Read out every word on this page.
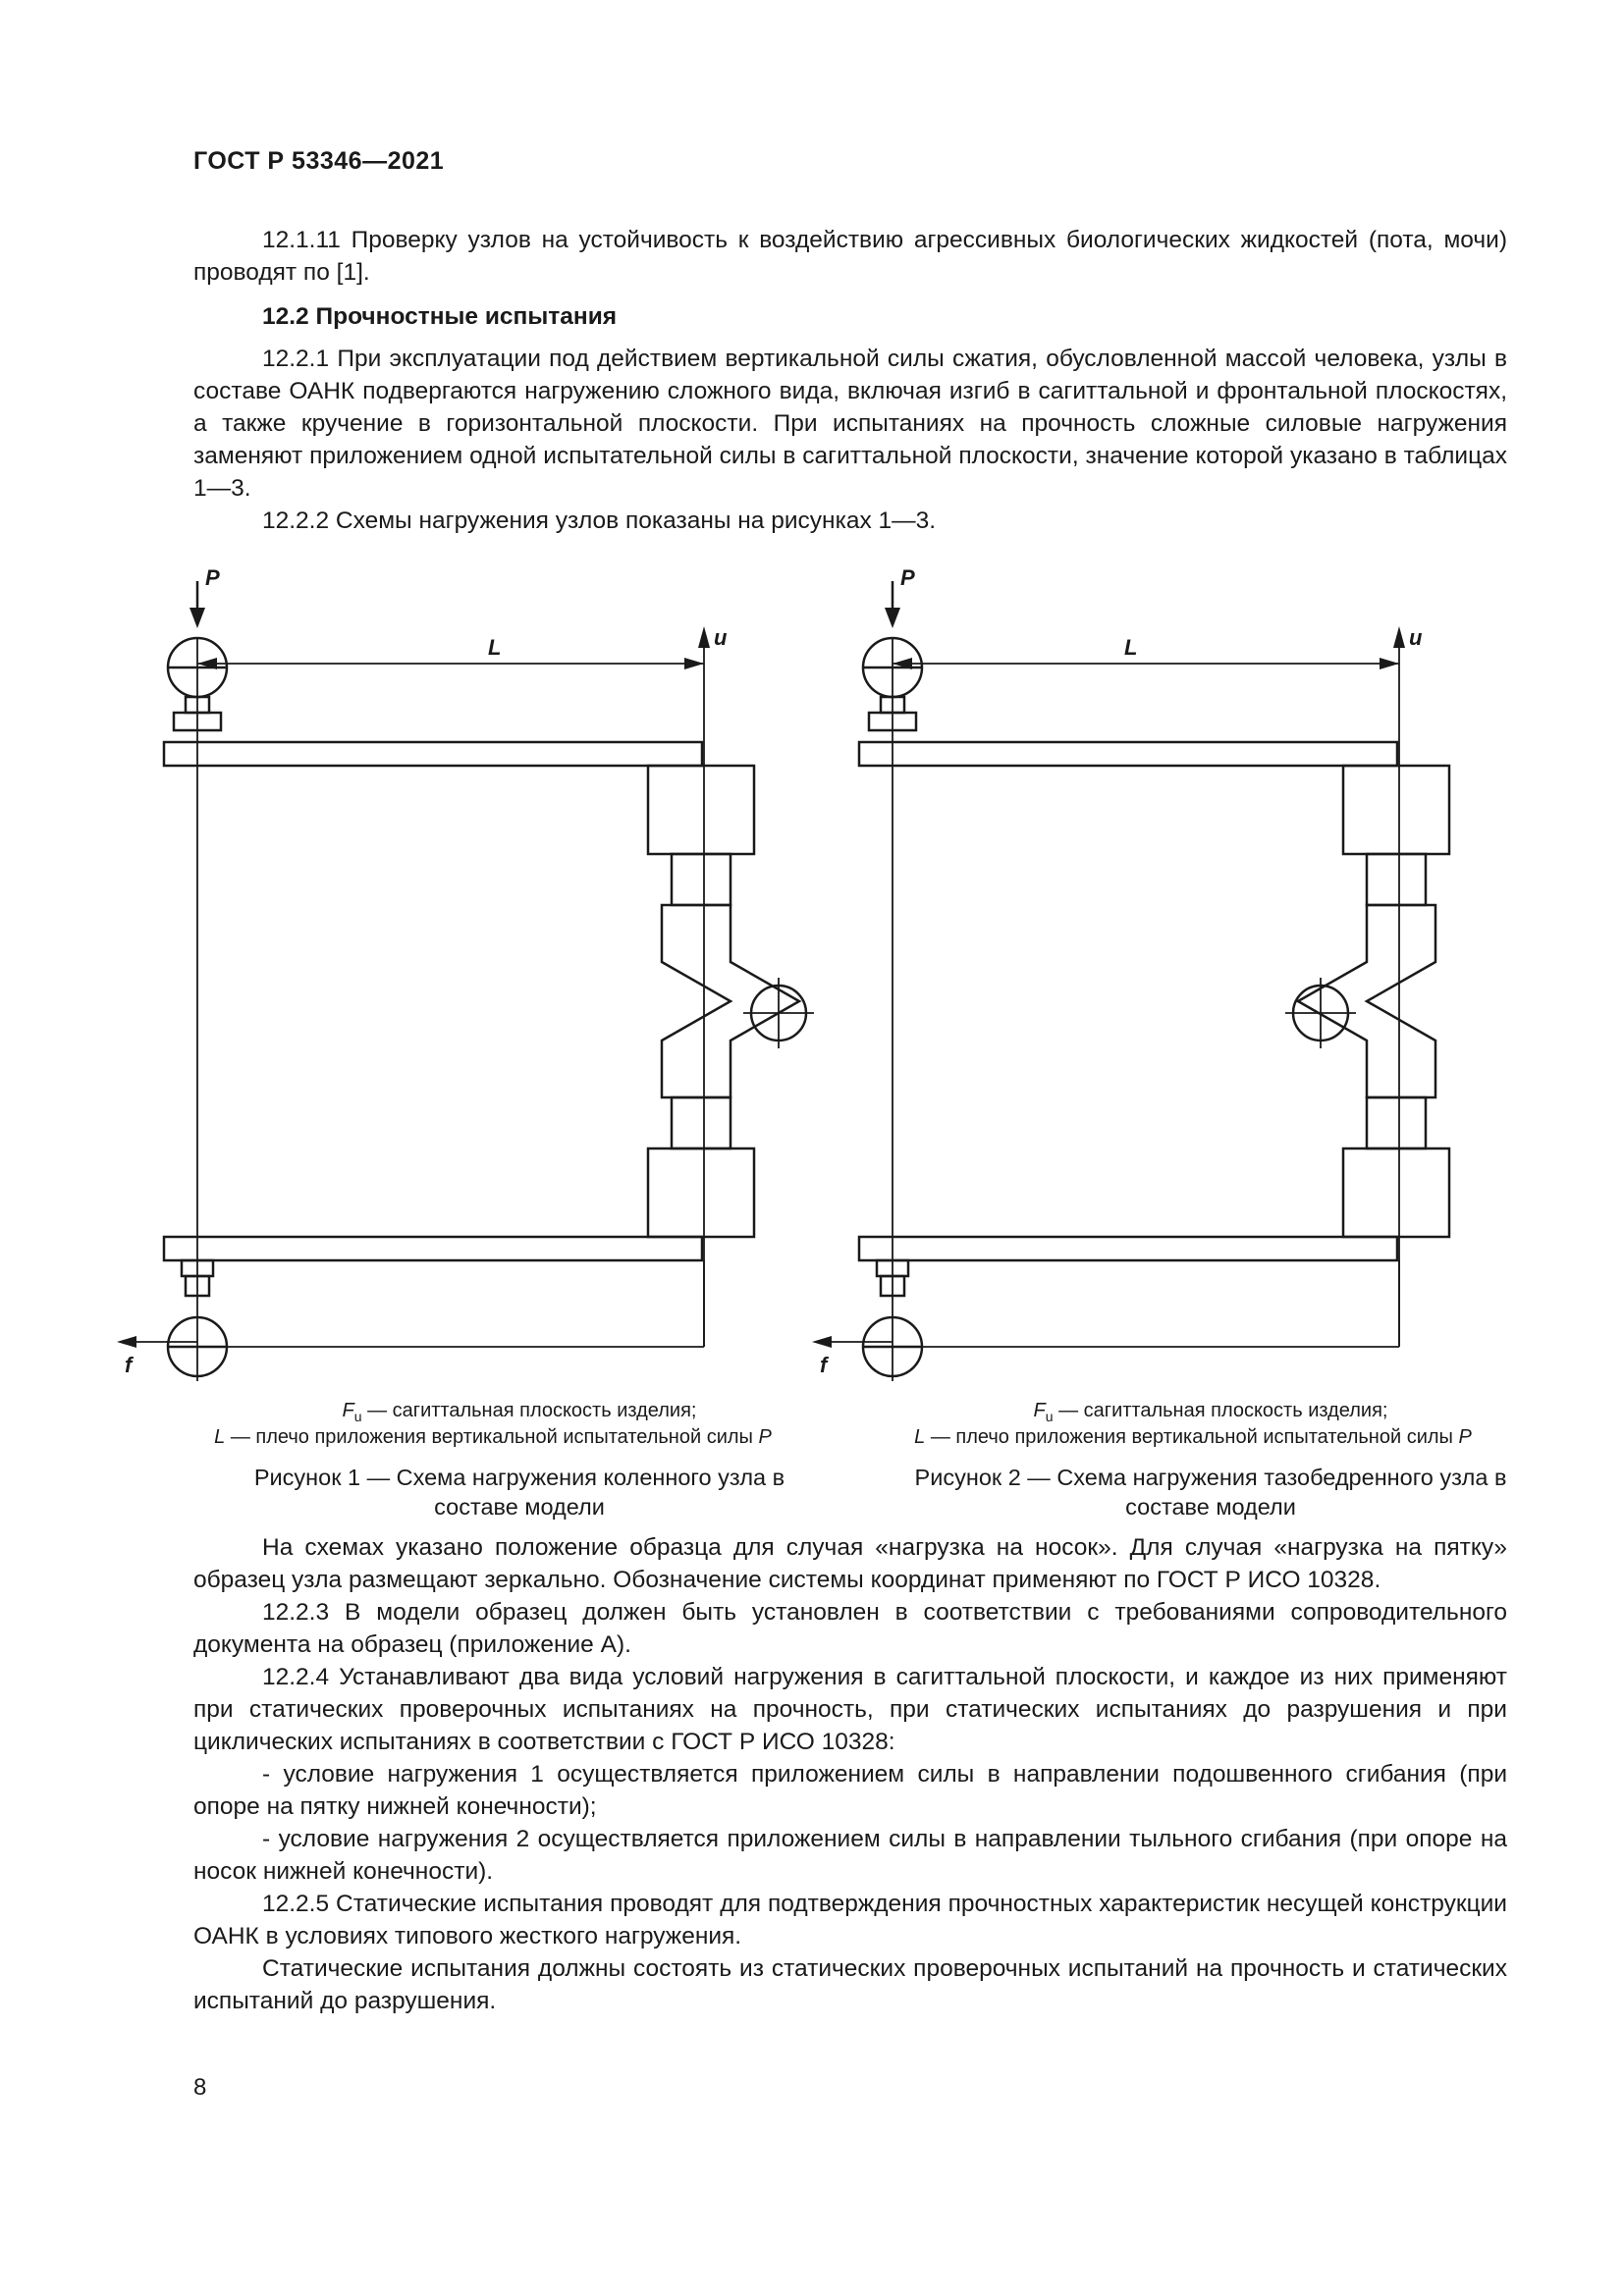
ГОСТ Р 53346—2021

12.1.11 Проверку узлов на устойчивость к воздействию агрессивных биологических жидкостей (пота, мочи) проводят по [1].

12.2 Прочностные испытания

12.2.1 При эксплуатации под действием вертикальной силы сжатия, обусловленной массой человека, узлы в составе ОАНК подвергаются нагружению сложного вида, включая изгиб в сагиттальной и фронтальной плоскостях, а также кручение в горизонтальной плоскости. При испытаниях на прочность сложные силовые нагружения заменяют приложением одной испытательной силы в сагиттальной плоскости, значение которой указано в таблицах 1—3.

12.2.2 Схемы нагружения узлов показаны на рисунках 1—3.

P
L	u
f
$F_u$ — сагиттальная плоскость изделия;
L — плечо приложения вертикальной испытательной силы P
Рисунок 1 — Схема нагружения коленного узла в составе модели
P
L	u
f
$F_u$ — сагиттальная плоскость изделия;
L — плечо приложения вертикальной испытательной силы P
Рисунок 2 — Схема нагружения тазобедренного узла в составе модели

На схемах указано положение образца для случая «нагрузка на носок». Для случая «нагрузка на пятку» образец узла размещают зеркально. Обозначение системы координат применяют по ГОСТ Р ИСО 10328.

12.2.3 В модели образец должен быть установлен в соответствии с требованиями сопроводительного документа на образец (приложение А).

12.2.4 Устанавливают два вида условий нагружения в сагиттальной плоскости, и каждое из них применяют при статических проверочных испытаниях на прочность, при статических испытаниях до разрушения и при циклических испытаниях в соответствии с ГОСТ Р ИСО 10328:

- условие нагружения 1 осуществляется приложением силы в направлении подошвенного сгибания (при опоре на пятку нижней конечности);

- условие нагружения 2 осуществляется приложением силы в направлении тыльного сгибания (при опоре на носок нижней конечности).

12.2.5 Статические испытания проводят для подтверждения прочностных характеристик несущей конструкции ОАНК в условиях типового жесткого нагружения.

Статические испытания должны состоять из статических проверочных испытаний на прочность и статических испытаний до разрушения.

8
